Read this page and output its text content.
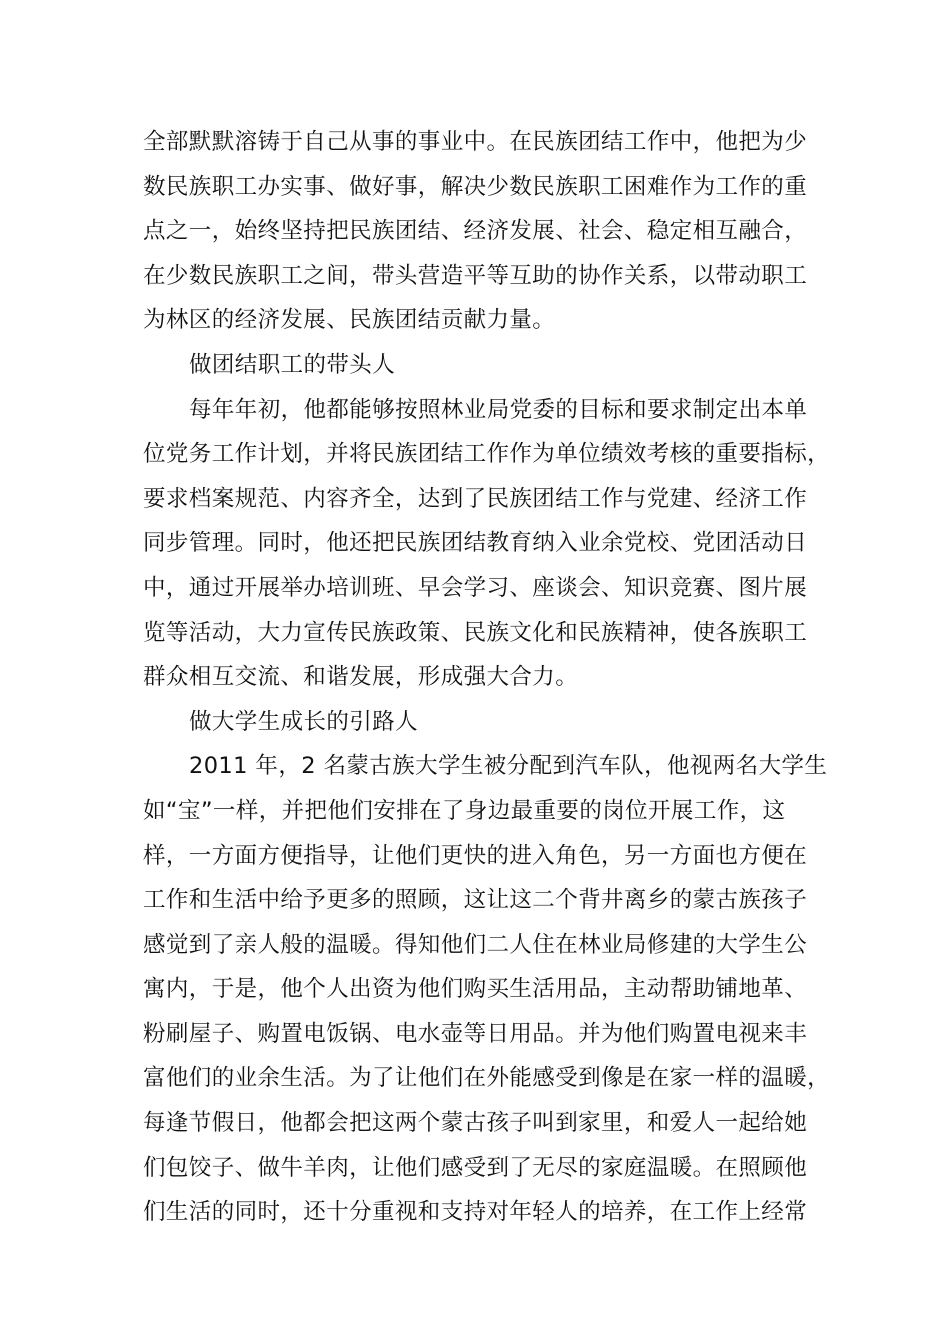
全部默默溶铸于自己从事的事业中。在民族团结工作中，他把为少
数民族职工办实事、做好事，解决少数民族职工困难作为工作的重
点之一，始终坚持把民族团结、经济发展、社会、稳定相互融合，
在少数民族职工之间，带头营造平等互助的协作关系，以带动职工
为林区的经济发展、民族团结贡献力量。
做团结职工的带头人
每年年初，他都能够按照林业局党委的目标和要求制定出本单
位党务工作计划，并将民族团结工作作为单位绩效考核的重要指标，
要求档案规范、内容齐全，达到了民族团结工作与党建、经济工作
同步管理。同时，他还把民族团结教育纳入业余党校、党团活动日
中，通过开展举办培训班、早会学习、座谈会、知识竞赛、图片展
览等活动，大力宣传民族政策、民族文化和民族精神，使各族职工
群众相互交流、和谐发展，形成强大合力。
做大学生成长的引路人
2011 年，2 名蒙古族大学生被分配到汽车队，他视两名大学生
如“宝”一样，并把他们安排在了身边最重要的岗位开展工作，这
样，一方面方便指导，让他们更快的进入角色，另一方面也方便在
工作和生活中给予更多的照顾，这让这二个背井离乡的蒙古族孩子
感觉到了亲人般的温暖。得知他们二人住在林业局修建的大学生公
寓内，于是，他个人出资为他们购买生活用品，主动帮助铺地革、
粉刷屋子、购置电饭锅、电水壶等日用品。并为他们购置电视来丰
富他们的业余生活。为了让他们在外能感受到像是在家一样的温暖，
每逢节假日，他都会把这两个蒙古孩子叫到家里，和爱人一起给她
们包饺子、做牛羊肉，让他们感受到了无尽的家庭温暖。在照顾他
们生活的同时，还十分重视和支持对年轻人的培养，在工作上经常
